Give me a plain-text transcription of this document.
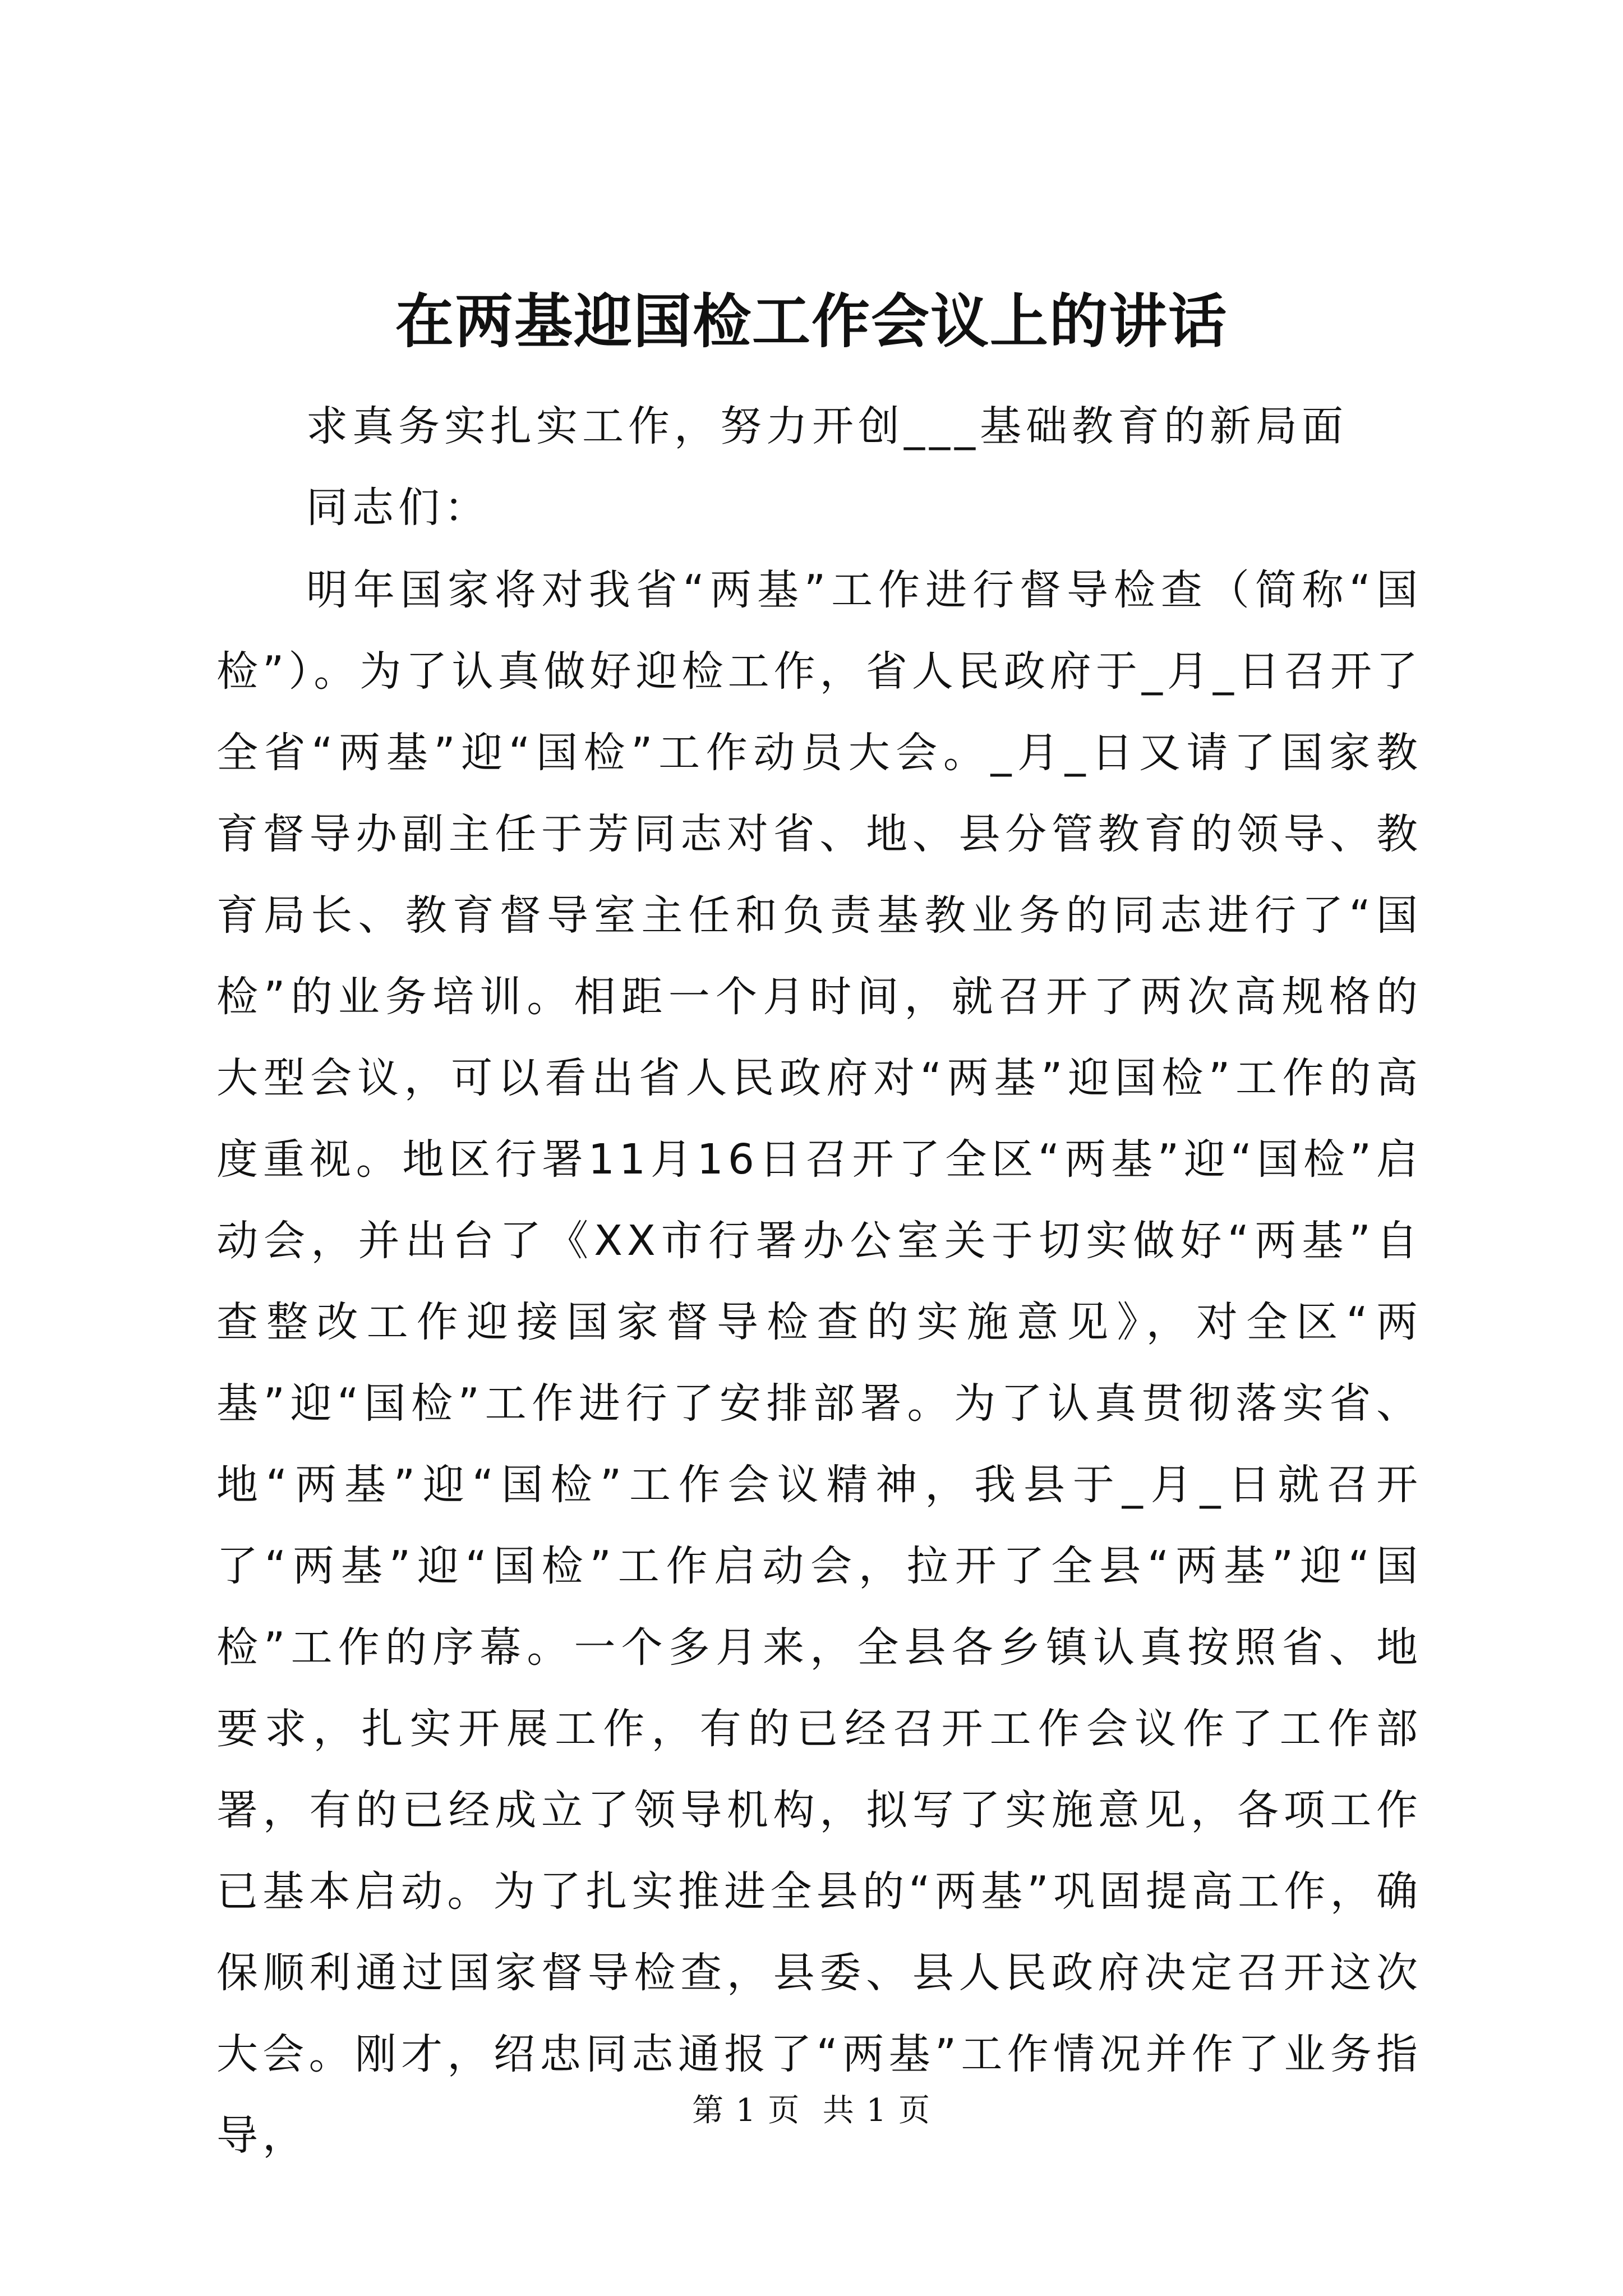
在两基迎国检工作会议上的讲话

求真务实扎实工作，努力开创___基础教育的新局面

同志们：

明年国家将对我省“两基”工作进行督导检查（简称“国检”）。为了认真做好迎检工作，省人民政府于_月_日召开了全省“两基”迎“国检”工作动员大会。_月_日又请了国家教育督导办副主任于芳同志对省、地、县分管教育的领导、教育局长、教育督导室主任和负责基教业务的同志进行了“国检”的业务培训。相距一个月时间，就召开了两次高规格的大型会议，可以看出省人民政府对“两基”迎国检”工作的高度重视。地区行署11月16日召开了全区“两基”迎“国检”启动会，并出台了《XX市行署办公室关于切实做好“两基”自查整改工作迎接国家督导检查的实施意见》，对全区“两基”迎“国检”工作进行了安排部署。为了认真贯彻落实省、地“两基”迎“国检”工作会议精神，我县于_月_日就召开了“两基”迎“国检”工作启动会，拉开了全县“两基”迎“国检”工作的序幕。一个多月来，全县各乡镇认真按照省、地要求，扎实开展工作，有的已经召开工作会议作了工作部署，有的已经成立了领导机构，拟写了实施意见，各项工作已基本启动。为了扎实推进全县的“两基”巩固提高工作，确保顺利通过国家督导检查，县委、县人民政府决定召开这次大会。刚才，绍忠同志通报了“两基”工作情况并作了业务指导，

第 1 页  共 1 页
